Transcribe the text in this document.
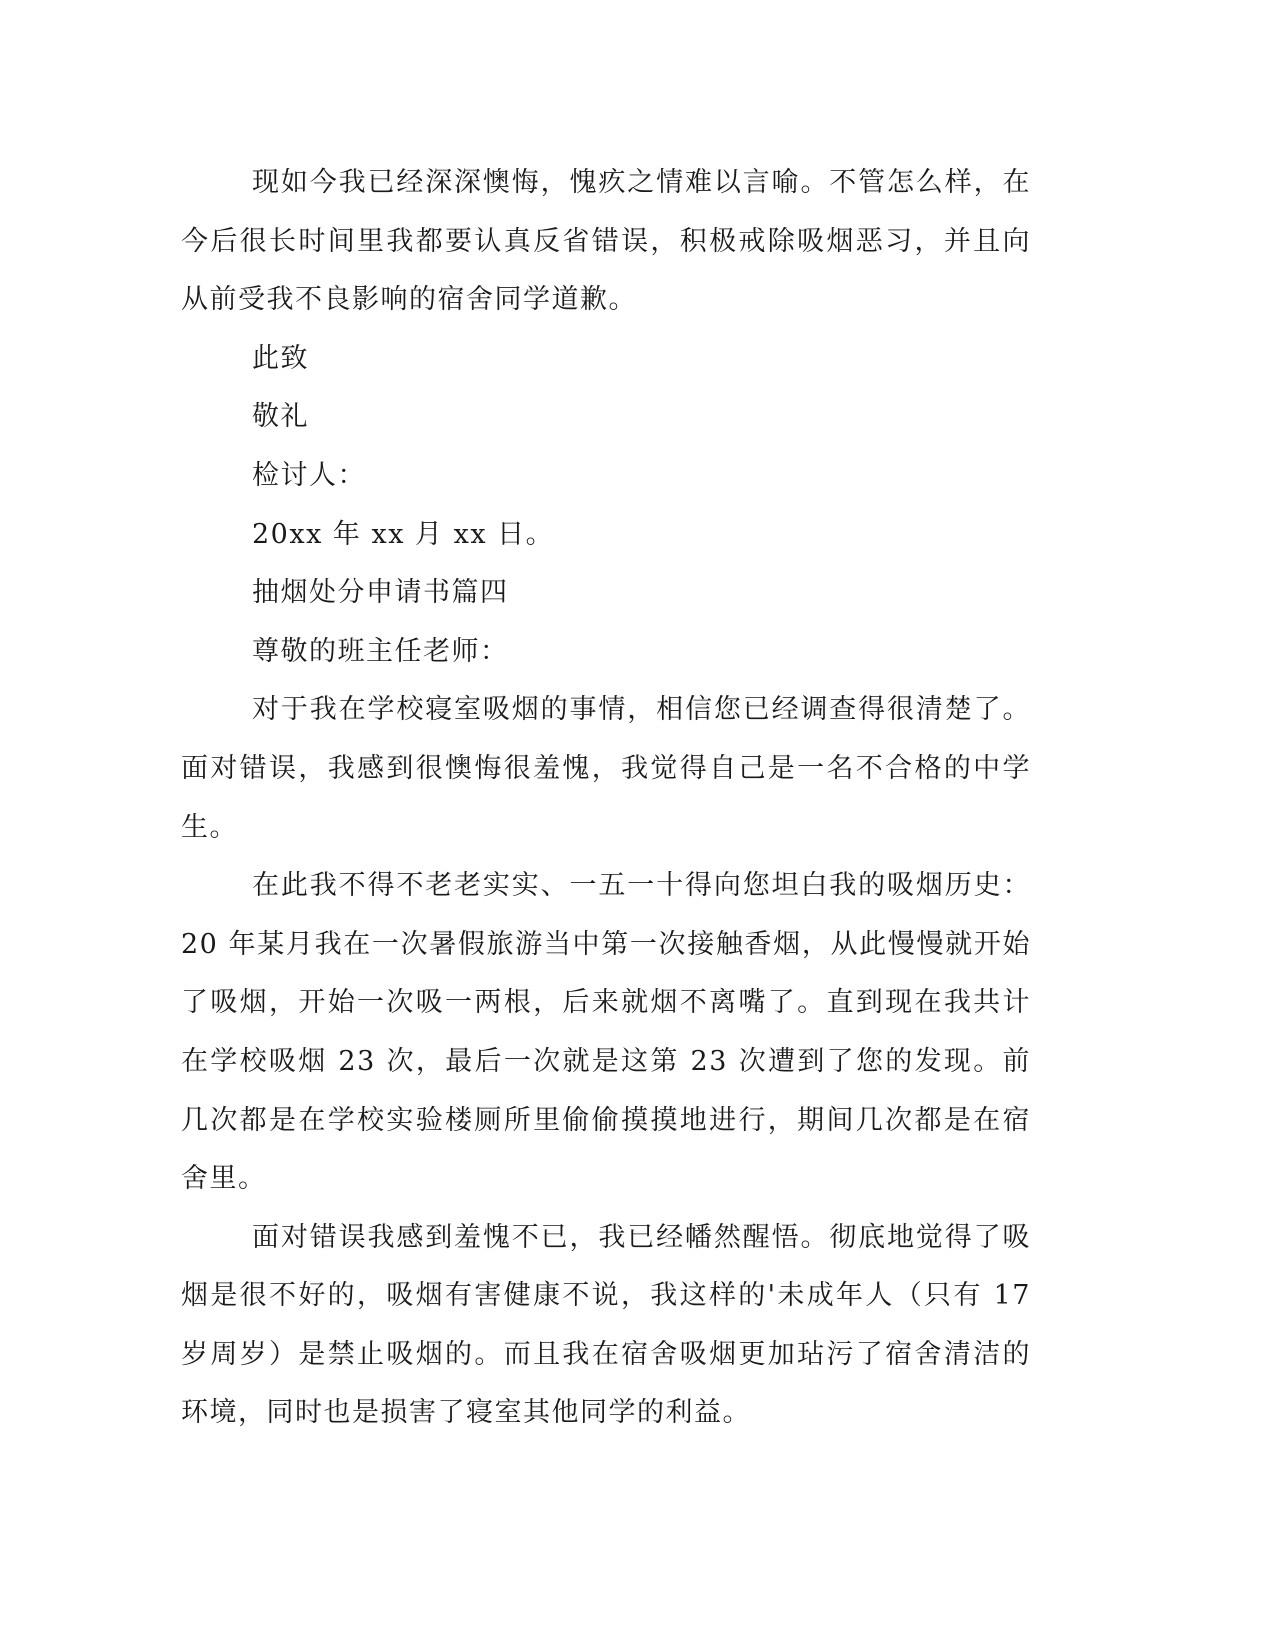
现如今我已经深深懊悔，愧疚之情难以言喻。不管怎么样，在今后很长时间里我都要认真反省错误，积极戒除吸烟恶习，并且向从前受我不良影响的宿舍同学道歉。

此致

敬礼

检讨人：

20xx 年 xx 月 xx 日。

抽烟处分申请书篇四

尊敬的班主任老师：

对于我在学校寝室吸烟的事情，相信您已经调查得很清楚了。面对错误，我感到很懊悔很羞愧，我觉得自己是一名不合格的中学生。

在此我不得不老老实实、一五一十得向您坦白我的吸烟历史：20 年某月我在一次暑假旅游当中第一次接触香烟，从此慢慢就开始了吸烟，开始一次吸一两根，后来就烟不离嘴了。直到现在我共计在学校吸烟 23 次，最后一次就是这第 23 次遭到了您的发现。前几次都是在学校实验楼厕所里偷偷摸摸地进行，期间几次都是在宿舍里。

面对错误我感到羞愧不已，我已经幡然醒悟。彻底地觉得了吸烟是很不好的，吸烟有害健康不说，我这样的'未成年人（只有 17 岁周岁）是禁止吸烟的。而且我在宿舍吸烟更加玷污了宿舍清洁的环境，同时也是损害了寝室其他同学的利益。
